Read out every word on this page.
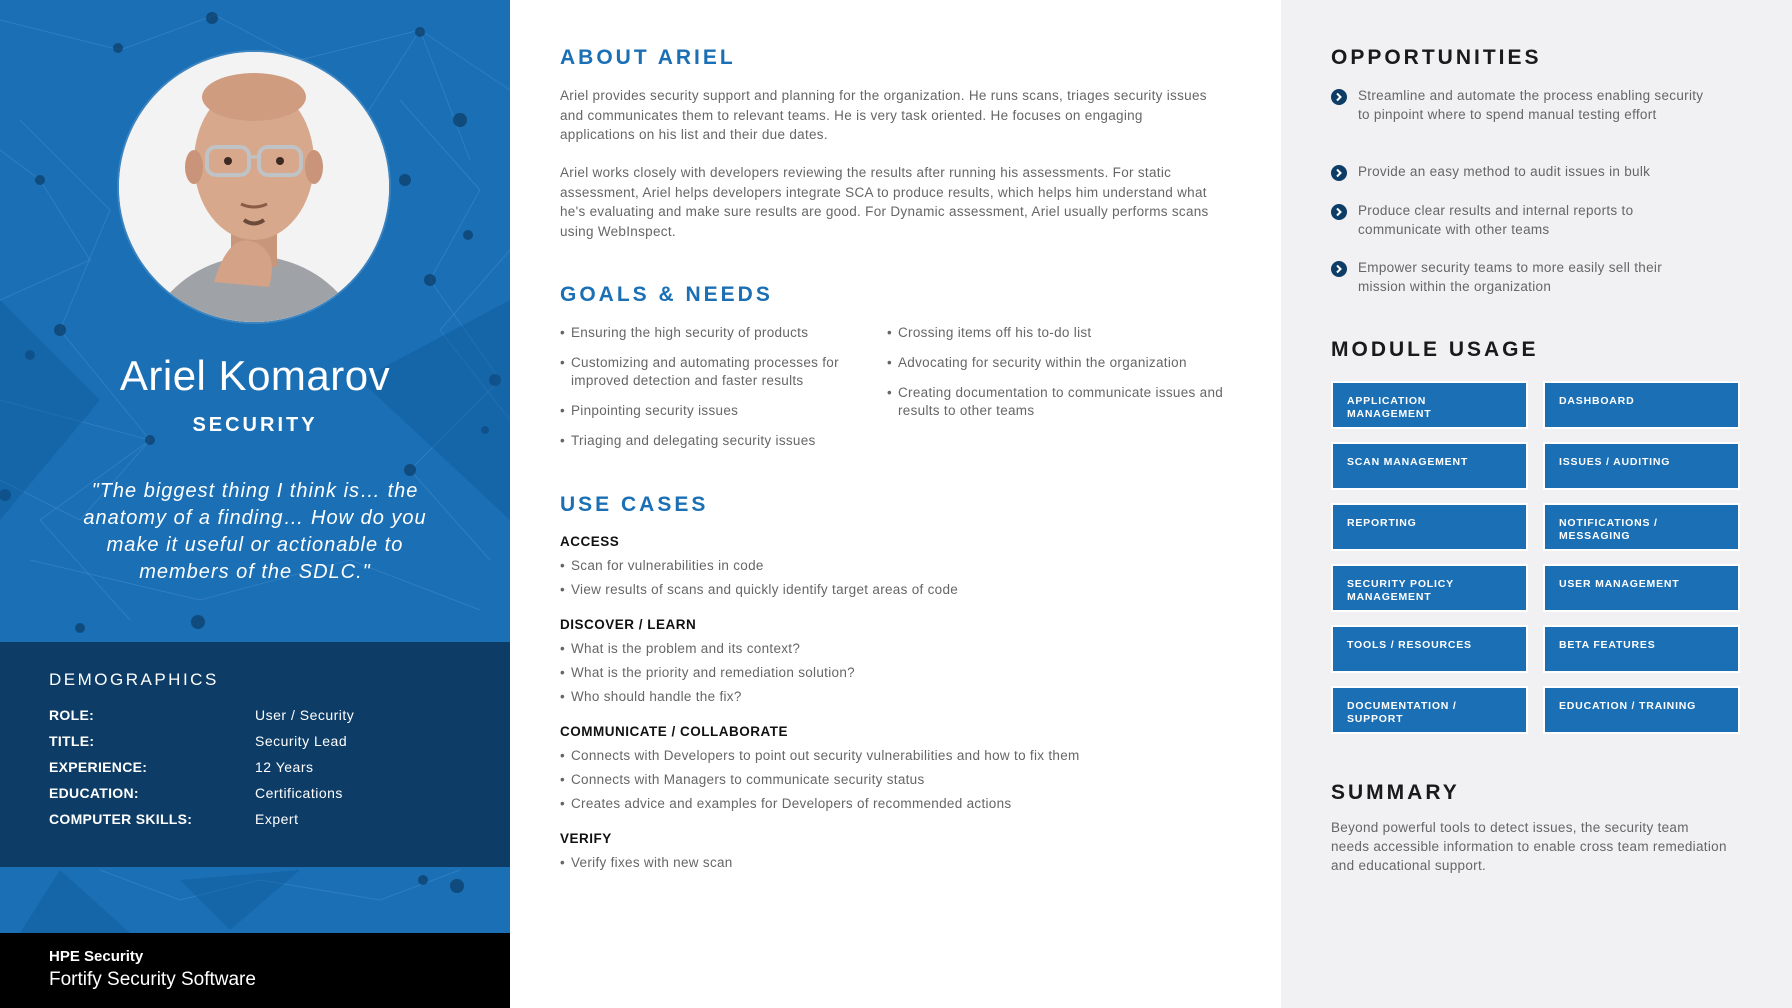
Ariel Komarov
SECURITY
"The biggest thing I think is… the anatomy of a finding… How do you make it useful or actionable to members of the SDLC."
DEMOGRAPHICS
ROLE:	User / Security
TITLE:	Security Lead
EXPERIENCE:	12 Years
EDUCATION:	Certifications
COMPUTER SKILLS:	Expert
HPE Security
Fortify Security Software
ABOUT ARIEL
Ariel provides security support and planning for the organization. He runs scans, triages security issues and communicates them to relevant teams. He is very task oriented. He focuses on engaging applications on his list and their due dates.
Ariel works closely with developers reviewing the results after running his assessments. For static assessment, Ariel helps developers integrate SCA to produce results, which helps him understand what he's evaluating and make sure results are good. For Dynamic assessment, Ariel usually performs scans using WebInspect.
GOALS & NEEDS
• Ensuring the high security of products
• Customizing and automating processes for improved detection and faster results
• Pinpointing security issues
• Triaging and delegating security issues
• Crossing items off his to-do list
• Advocating for security within the organization
• Creating documentation to communicate issues and results to other teams
USE CASES
ACCESS
• Scan for vulnerabilities in code
• View results of scans and quickly identify target areas of code
DISCOVER / LEARN
• What is the problem and its context?
• What is the priority and remediation solution?
• Who should handle the fix?
COMMUNICATE / COLLABORATE
• Connects with Developers to point out security vulnerabilities and how to fix them
• Connects with Managers to communicate security status
• Creates advice and examples for Developers of recommended actions
VERIFY
• Verify fixes with new scan
OPPORTUNITIES
Streamline and automate the process enabling security to pinpoint where to spend manual testing effort
Provide an easy method to audit issues in bulk
Produce clear results and internal reports to communicate with other teams
Empower security teams to more easily sell their mission within the organization
MODULE USAGE
APPLICATION MANAGEMENT
DASHBOARD
SCAN MANAGEMENT	ISSUES / AUDITING
REPORTING	NOTIFICATIONS / MESSAGING
SECURITY POLICY MANAGEMENT
USER MANAGEMENT
TOOLS / RESOURCES	BETA FEATURES
DOCUMENTATION / SUPPORT
EDUCATION / TRAINING
SUMMARY
Beyond powerful tools to detect issues, the security team needs accessible information to enable cross team remediation and educational support.
